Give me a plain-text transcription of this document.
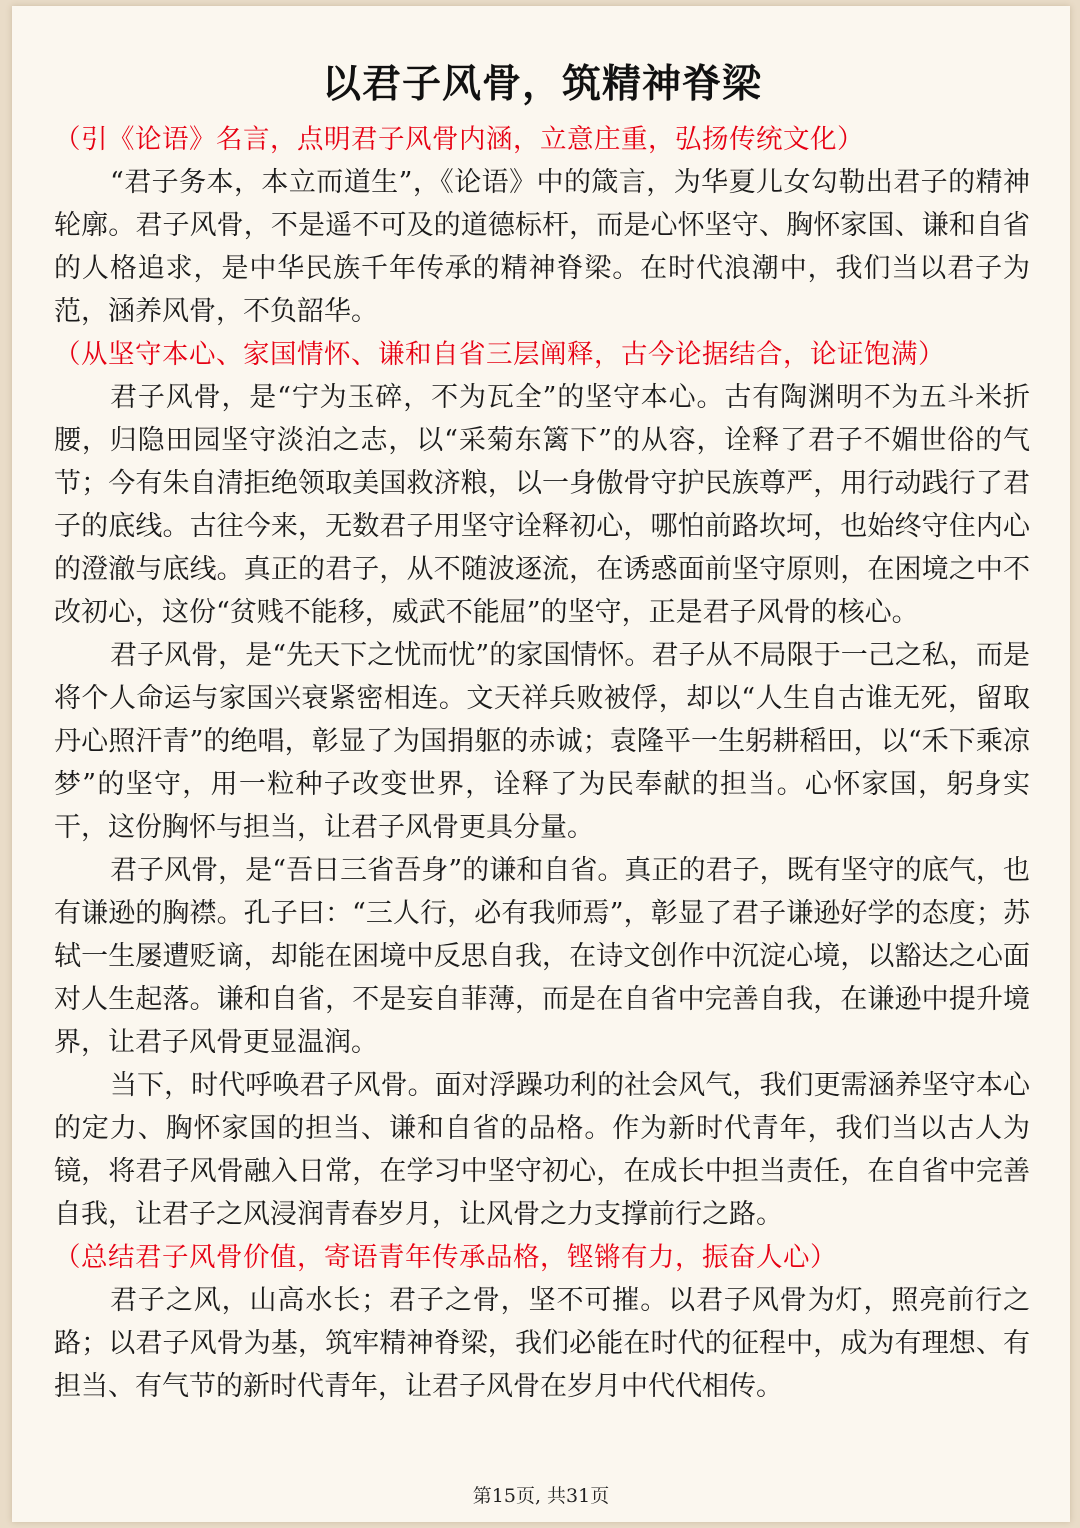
以君子风骨，筑精神脊梁

（引《论语》名言，点明君子风骨内涵，立意庄重，弘扬传统文化）

“君子务本，本立而道生”，《论语》中的箴言，为华夏儿女勾勒出君子的精神轮廓。君子风骨，不是遥不可及的道德标杆，而是心怀坚守、胸怀家国、谦和自省的人格追求，是中华民族千年传承的精神脊梁。在时代浪潮中，我们当以君子为范，涵养风骨，不负韶华。

（从坚守本心、家国情怀、谦和自省三层阐释，古今论据结合，论证饱满）

君子风骨，是“宁为玉碎，不为瓦全”的坚守本心。古有陶渊明不为五斗米折腰，归隐田园坚守淡泊之志，以“采菊东篱下”的从容，诠释了君子不媚世俗的气节；今有朱自清拒绝领取美国救济粮，以一身傲骨守护民族尊严，用行动践行了君子的底线。古往今来，无数君子用坚守诠释初心，哪怕前路坎坷，也始终守住内心的澄澈与底线。真正的君子，从不随波逐流，在诱惑面前坚守原则，在困境之中不改初心，这份“贫贱不能移，威武不能屈”的坚守，正是君子风骨的核心。

君子风骨，是“先天下之忧而忧”的家国情怀。君子从不局限于一己之私，而是将个人命运与家国兴衰紧密相连。文天祥兵败被俘，却以“人生自古谁无死，留取丹心照汗青”的绝唱，彰显了为国捐躯的赤诚；袁隆平一生躬耕稻田，以“禾下乘凉梦”的坚守，用一粒种子改变世界，诠释了为民奉献的担当。心怀家国，躬身实干，这份胸怀与担当，让君子风骨更具分量。

君子风骨，是“吾日三省吾身”的谦和自省。真正的君子，既有坚守的底气，也有谦逊的胸襟。孔子曰：“三人行，必有我师焉”，彰显了君子谦逊好学的态度；苏轼一生屡遭贬谪，却能在困境中反思自我，在诗文创作中沉淀心境，以豁达之心面对人生起落。谦和自省，不是妄自菲薄，而是在自省中完善自我，在谦逊中提升境界，让君子风骨更显温润。

当下，时代呼唤君子风骨。面对浮躁功利的社会风气，我们更需涵养坚守本心的定力、胸怀家国的担当、谦和自省的品格。作为新时代青年，我们当以古人为镜，将君子风骨融入日常，在学习中坚守初心，在成长中担当责任，在自省中完善自我，让君子之风浸润青春岁月，让风骨之力支撑前行之路。

（总结君子风骨价值，寄语青年传承品格，铿锵有力，振奋人心）

君子之风，山高水长；君子之骨，坚不可摧。以君子风骨为灯，照亮前行之路；以君子风骨为基，筑牢精神脊梁，我们必能在时代的征程中，成为有理想、有担当、有气节的新时代青年，让君子风骨在岁月中代代相传。

第15页, 共31页
